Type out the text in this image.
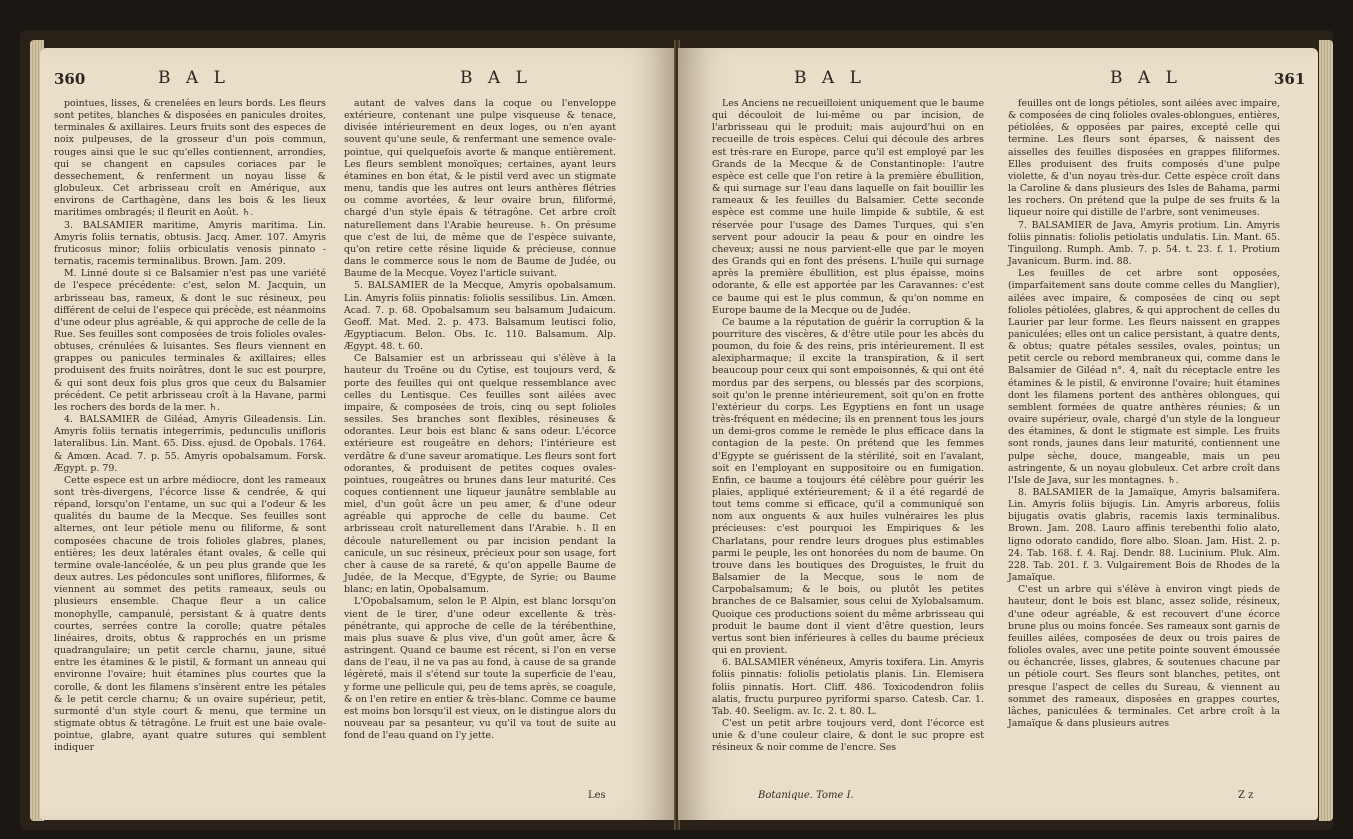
360	B A L	B A L

pointues, lisses, & crenelées en leurs bords. Les fleurs sont petites, blanches & disposées en panicules droites, terminales & axillaires. Leurs fruits sont des especes de noix pulpeuses, de la grosseur d'un pois commun, rouges ainsi que le suc qu'elles contiennent, arrondies, qui se changent en capsules coriaces par le dessechement, & renferment un noyau lisse & globuleux. Cet arbrisseau croît en Amérique, aux environs de Carthagène, dans les bois & les lieux maritimes ombragés; il fleurit en Août. ♄.

3. BALSAMIER maritime, Amyris maritima. Lin. Amyris foliis ternatis, obtusis. Jacq. Amer. 107. Amyris fruticosus minor; foliis orbiculatis venosis pinnato - ternatis, racemis terminalibus. Brown. Jam. 209.

M. Linné doute si ce Balsamier n'est pas une variété de l'espece précédente: c'est, selon M. Jacquin, un arbrisseau bas, rameux, & dont le suc résineux, peu différent de celui de l'espece qui précède, est néanmoins d'une odeur plus agréable, & qui approche de celle de la Rue. Ses feuilles sont composées de trois folioles ovales-obtuses, crénulées & luisantes. Ses fleurs viennent en grappes ou panicules terminales & axillaires; elles produisent des fruits noirâtres, dont le suc est pourpre, & qui sont deux fois plus gros que ceux du Balsamier précédent. Ce petit arbrisseau croît à la Havane, parmi les rochers des bords de la mer. ♄.

4. BALSAMIER de Giléad, Amyris Gileadensis. Lin. Amyris foliis ternatis integerrimis, pedunculis unifloris lateralibus. Lin. Mant. 65. Diss. ejusd. de Opobals. 1764. & Amœn. Acad. 7. p. 55. Amyris opobalsamum. Forsk. Ægypt. p. 79.

Cette espece est un arbre médiocre, dont les rameaux sont très-divergens, l'écorce lisse & cendrée, & qui répand, lorsqu'on l'entame, un suc qui a l'odeur & les qualités du baume de la Mecque. Ses feuilles sont alternes, ont leur pétiole menu ou filiforme, & sont composées chacune de trois folioles glabres, planes, entières; les deux latérales étant ovales, & celle qui termine ovale-lancéolée, & un peu plus grande que les deux autres. Les pédoncules sont uniflores, filiformes, & viennent au sommet des petits rameaux, seuls ou plusieurs ensemble. Chaque fleur a un calice monophylle, campanulé, persistant & à quatre dents courtes, serrées contre la corolle; quatre pétales linéaires, droits, obtus & rapprochés en un prisme quadrangulaire; un petit cercle charnu, jaune, situé entre les étamines & le pistil, & formant un anneau qui environne l'ovaire; huit étamines plus courtes que la corolle, & dont les filamens s'insèrent entre les pétales & le petit cercle charnu; & un ovaire supérieur, petit, surmonté d'un style court & menu, que termine un stigmate obtus & tétragône. Le fruit est une baie ovale-pointue, glabre, ayant quatre sutures qui semblent indiquer

autant de valves dans la coque ou l'enveloppe extérieure, contenant une pulpe visqueuse & tenace, divisée intérieurement en deux loges, ou n'en ayant souvent qu'une seule, & renfermant une semence ovale-pointue, qui quelquefois avorte & manque entièrement. Les fleurs semblent monoïques; certaines, ayant leurs étamines en bon état, & le pistil verd avec un stigmate menu, tandis que les autres ont leurs anthères flétries ou comme avortées, & leur ovaire brun, filiformé, chargé d'un style épais & tétragône. Cet arbre croît naturellement dans l'Arabie heureuse. ♄. On présume que c'est de lui, de même que de l'espèce suivante, qu'on retire cette résine liquide & précieuse, connue dans le commerce sous le nom de Baume de Judée, ou Baume de la Mecque. Voyez l'article suivant.

5. BALSAMIER de la Mecque, Amyris opobalsamum. Lin. Amyris foliis pinnatis: foliolis sessilibus. Lin. Amœn. Acad. 7. p. 68. Opobalsamum seu balsamum Judaicum. Geoff. Mat. Med. 2. p. 473. Balsamum leutisci folio, Ægyptiacum. Belon. Obs. Ic. 110. Balsamum. Alp. Ægypt. 48. t. 60.

Ce Balsamier est un arbrisseau qui s'élève à la hauteur du Troëne ou du Cytise, est toujours verd, & porte des feuilles qui ont quelque ressemblance avec celles du Lentisque. Ces feuilles sont ailées avec impaire, & composées de trois, cinq ou sept folioles sessiles. Ses branches sont flexibles, résineuses & odorantes. Leur bois est blanc & sans odeur. L'écorce extérieure est rougeâtre en dehors; l'intérieure est verdâtre & d'une saveur aromatique. Les fleurs sont fort odorantes, & produisent de petites coques ovales-pointues, rougeâtres ou brunes dans leur maturité. Ces coques contiennent une liqueur jaunâtre semblable au miel, d'un goût âcre un peu amer, & d'une odeur agréable qui approche de celle du baume. Cet arbrisseau croît naturellement dans l'Arabie. ♄. Il en découle naturellement ou par incision pendant la canicule, un suc résineux, précieux pour son usage, fort cher à cause de sa rareté, & qu'on appelle Baume de Judée, de la Mecque, d'Egypte, de Syrie; ou Baume blanc; en latin, Opobalsamum.

L'Opobalsamum, selon le P. Alpin, est blanc lorsqu'on vient de le tirer, d'une odeur excellente & très-pénétrante, qui approche de celle de la térébenthine, mais plus suave & plus vive, d'un goût amer, âcre & astringent. Quand ce baume est récent, si l'on en verse dans de l'eau, il ne va pas au fond, à cause de sa grande légèreté, mais il s'étend sur toute la superficie de l'eau, y forme une pellicule qui, peu de tems après, se coagule, & on l'en retire en entier & très-blanc. Comme ce baume est moins bon lorsqu'il est vieux, on le distingue alors du nouveau par sa pesanteur, vu qu'il va tout de suite au fond de l'eau quand on l'y jette.

Les
B A L	B A L	361

Les Anciens ne recueilloient uniquement que le baume qui découloit de lui-même ou par incision, de l'arbrisseau qui le produit; mais aujourd'hui on en recueille de trois espèces. Celui qui découle des arbres est très-rare en Europe, parce qu'il est employé par les Grands de la Mecque & de Constantinople: l'autre espèce est celle que l'on retire à la première ébullition, & qui surnage sur l'eau dans laquelle on fait bouillir les rameaux & les feuilles du Balsamier. Cette seconde espèce est comme une huile limpide & subtile, & est réservée pour l'usage des Dames Turques, qui s'en servent pour adoucir la peau & pour en oindre les cheveux; aussi ne nous parvient-elle que par le moyen des Grands qui en font des présens. L'huile qui surnage après la première ébullition, est plus épaisse, moins odorante, & elle est apportée par les Caravannes: c'est ce baume qui est le plus commun, & qu'on nomme en Europe baume de la Mecque ou de Judée.

Ce baume a la réputation de guérir la corruption & la pourriture des viscères, & d'être utile pour les abcès du poumon, du foie & des reins, pris intérieurement. Il est alexipharmaque; il excite la transpiration, & il sert beaucoup pour ceux qui sont empoisonnés, & qui ont été mordus par des serpens, ou blessés par des scorpions, soit qu'on le prenne intérieurement, soit qu'on en frotte l'extérieur du corps. Les Egyptiens en font un usage très-fréquent en médecine; ils en prennent tous les jours un demi-gros comme le remède le plus efficace dans la contagion de la peste. On prétend que les femmes d'Egypte se guérissent de la stérilité, soit en l'avalant, soit en l'employant en suppositoire ou en fumigation. Enfin, ce baume a toujours été célèbre pour guérir les plaies, appliqué extérieurement; & il a été regardé de tout tems comme si efficace, qu'il a communiqué son nom aux onguents & aux huiles vulnéraires les plus précieuses: c'est pourquoi les Empiriques & les Charlatans, pour rendre leurs drogues plus estimables parmi le peuple, les ont honorées du nom de baume. On trouve dans les boutiques des Droguistes, le fruit du Balsamier de la Mecque, sous le nom de Carpobalsamum; & le bois, ou plutôt les petites branches de ce Balsamier, sous celui de Xylobalsamum. Quoique ces productions soient du même arbrisseau qui produit le baume dont il vient d'être question, leurs vertus sont bien inférieures à celles du baume précieux qui en provient.

6. BALSAMIER vénéneux, Amyris toxifera. Lin. Amyris foliis pinnatis: foliolis petiolatis planis. Lin. Elemisera foliis pinnatis. Hort. Cliff. 486. Toxicodendron foliis alatis, fructu purpureo pyriformi sparso. Catesb. Car. 1. Tab. 40. Seeligm. av. Ic. 2. t. 80. L.

C'est un petit arbre toujours verd, dont l'écorce est unie & d'une couleur claire, & dont le suc propre est résineux & noir comme de l'encre. Ses

feuilles ont de longs pétioles, sont ailées avec impaire, & composées de cinq folioles ovales-oblongues, entières, pétiolées, & opposées par paires, excepté celle qui termine. Les fleurs sont éparses, & naissent des aisselles des feuilles disposées en grappes filiformes. Elles produisent des fruits composés d'une pulpe violette, & d'un noyau très-dur. Cette espèce croît dans la Caroline & dans plusieurs des Isles de Bahama, parmi les rochers. On prétend que la pulpe de ses fruits & la liqueur noire qui distille de l'arbre, sont venimeuses.

7. BALSAMIER de Java, Amyris protium. Lin. Amyris foliis pinnatis: foliolis petiolatis undulatis. Lin. Mant. 65. Tinguilong. Rumph. Amb. 7. p. 54. t. 23. f. 1. Protium Javanicum. Burm. ind. 88.

Les feuilles de cet arbre sont opposées, (imparfaitement sans doute comme celles du Manglier), ailées avec impaire, & composées de cinq ou sept folioles pétiolées, glabres, & qui approchent de celles du Laurier par leur forme. Les fleurs naissent en grappes paniculées; elles ont un calice persistant, à quatre dents, & obtus; quatre pétales sessiles, ovales, pointus; un petit cercle ou rebord membraneux qui, comme dans le Balsamier de Giléad n°. 4, naît du réceptacle entre les étamines & le pistil, & environne l'ovaire; huit étamines dont les filamens portent des anthères oblongues, qui semblent formées de quatre anthères réunies; & un ovaire supérieur, ovale, chargé d'un style de la longueur des étamines, & dont le stigmate est simple. Les fruits sont ronds, jaunes dans leur maturité, contiennent une pulpe sèche, douce, mangeable, mais un peu astringente, & un noyau globuleux. Cet arbre croît dans l'Isle de Java, sur les montagnes. ♄.

8. BALSAMIER de la Jamaïque, Amyris balsamifera. Lin. Amyris foliis bijugis. Lin. Amyris arboreus, foliis bijugatis ovatis glabris, racemis laxis terminalibus. Brown. Jam. 208. Lauro affinis terebenthi folio alato, ligno odorato candido, flore albo. Sloan. Jam. Hist. 2. p. 24. Tab. 168. f. 4. Raj. Dendr. 88. Lucinium. Pluk. Alm. 228. Tab. 201. f. 3. Vulgairement Bois de Rhodes de la Jamaïque.

C'est un arbre qui s'élève à environ vingt pieds de hauteur, dont le bois est blanc, assez solide, résineux, d'une odeur agréable, & est recouvert d'une écorce brune plus ou moins foncée. Ses rameaux sont garnis de feuilles ailées, composées de deux ou trois paires de folioles ovales, avec une petite pointe souvent émoussée ou échancrée, lisses, glabres, & soutenues chacune par un pétiole court. Ses fleurs sont blanches, petites, ont presque l'aspect de celles du Sureau, & viennent au sommet des rameaux, disposées en grappes courtes, lâches, paniculées & terminales. Cet arbre croît à la Jamaïque & dans plusieurs autres

Botanique. Tome I.	Z z
